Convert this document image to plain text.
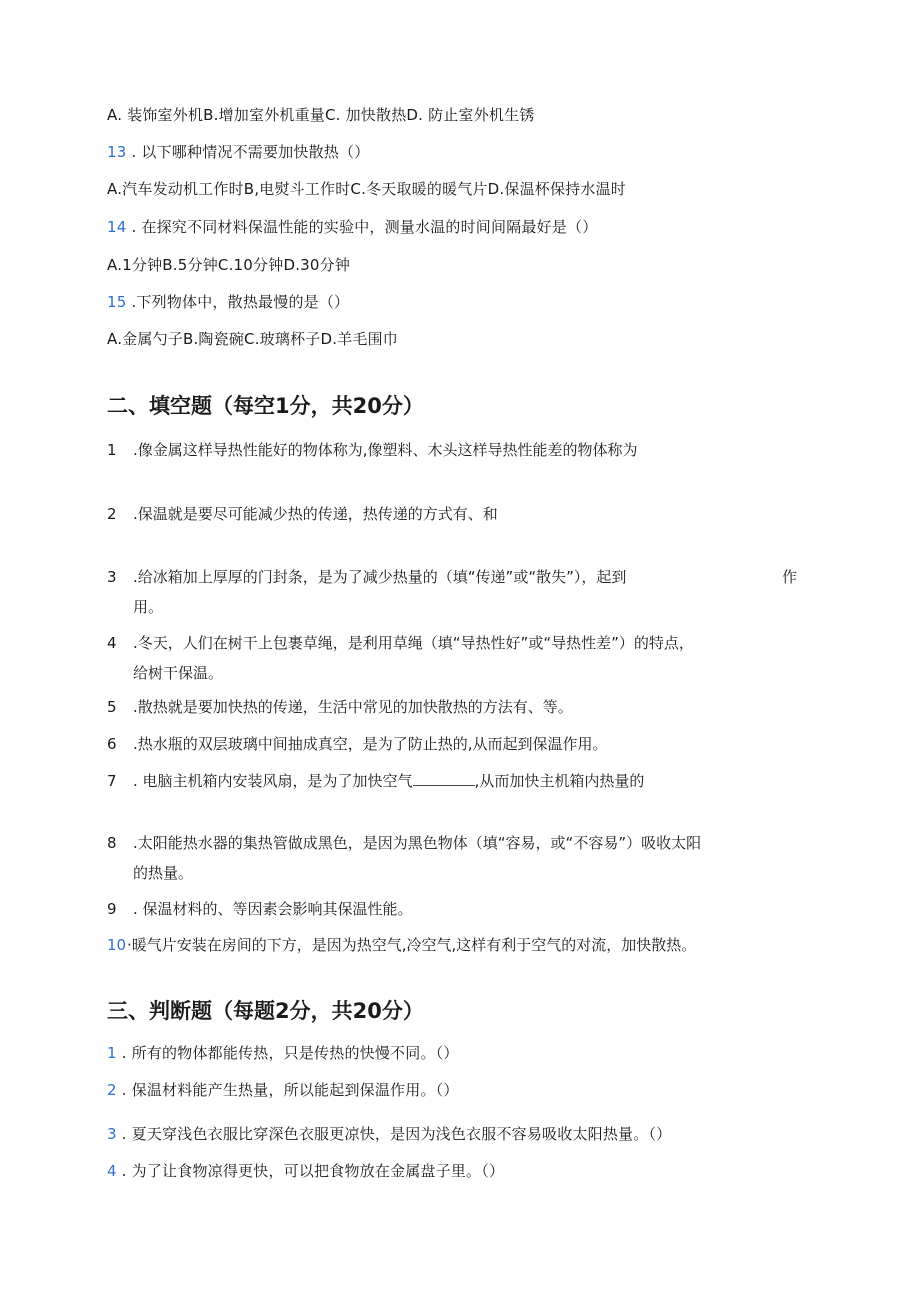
A. 装饰室外机B.增加室外机重量C. 加快散热D. 防止室外机生锈
13 . 以下哪种情况不需要加快散热（）
A.汽车发动机工作时B,电熨斗工作时C.冬天取暖的暖气片D.保温杯保持水温时
14 . 在探究不同材料保温性能的实验中，测量水温的时间间隔最好是（）
A.1分钟B.5分钟C.10分钟D.30分钟
15 .下列物体中，散热最慢的是（）
A.金属勺子B.陶瓷碗C.玻璃杯子D.羊毛围巾
二、填空题（每空1分，共20分）
1	.像金属这样导热性能好的物体称为,像塑料、木头这样导热性能差的物体称为
2	.保温就是要尽可能减少热的传递，热传递的方式有、和
3	.给冰箱加上厚厚的门封条，是为了减少热量的（填“传递”或“散失”），起到	作
用。
4	.冬天，人们在树干上包裹草绳，是利用草绳（填“导热性好”或“导热性差”）的特点，
给树干保温。
5	.散热就是要加快热的传递，生活中常见的加快散热的方法有、等。
6	.热水瓶的双层玻璃中间抽成真空，是为了防止热的,从而起到保温作用。
7	. 电脑主机箱内安装风扇，是为了加快空气	,从而加快主机箱内热量的
8	.太阳能热水器的集热管做成黑色，是因为黑色物体（填“容易，或“不容易”）吸收太阳
的热量。
9	. 保温材料的、等因素会影响其保温性能。
10 ·暖气片安装在房间的下方，是因为热空气,冷空气,这样有利于空气的对流，加快散热。
三、判断题（每题2分，共20分）
1 . 所有的物体都能传热，只是传热的快慢不同。（）
2 . 保温材料能产生热量，所以能起到保温作用。（）
3 . 夏天穿浅色衣服比穿深色衣服更凉快，是因为浅色衣服不容易吸收太阳热量。（）
4 . 为了让食物凉得更快，可以把食物放在金属盘子里。（）
